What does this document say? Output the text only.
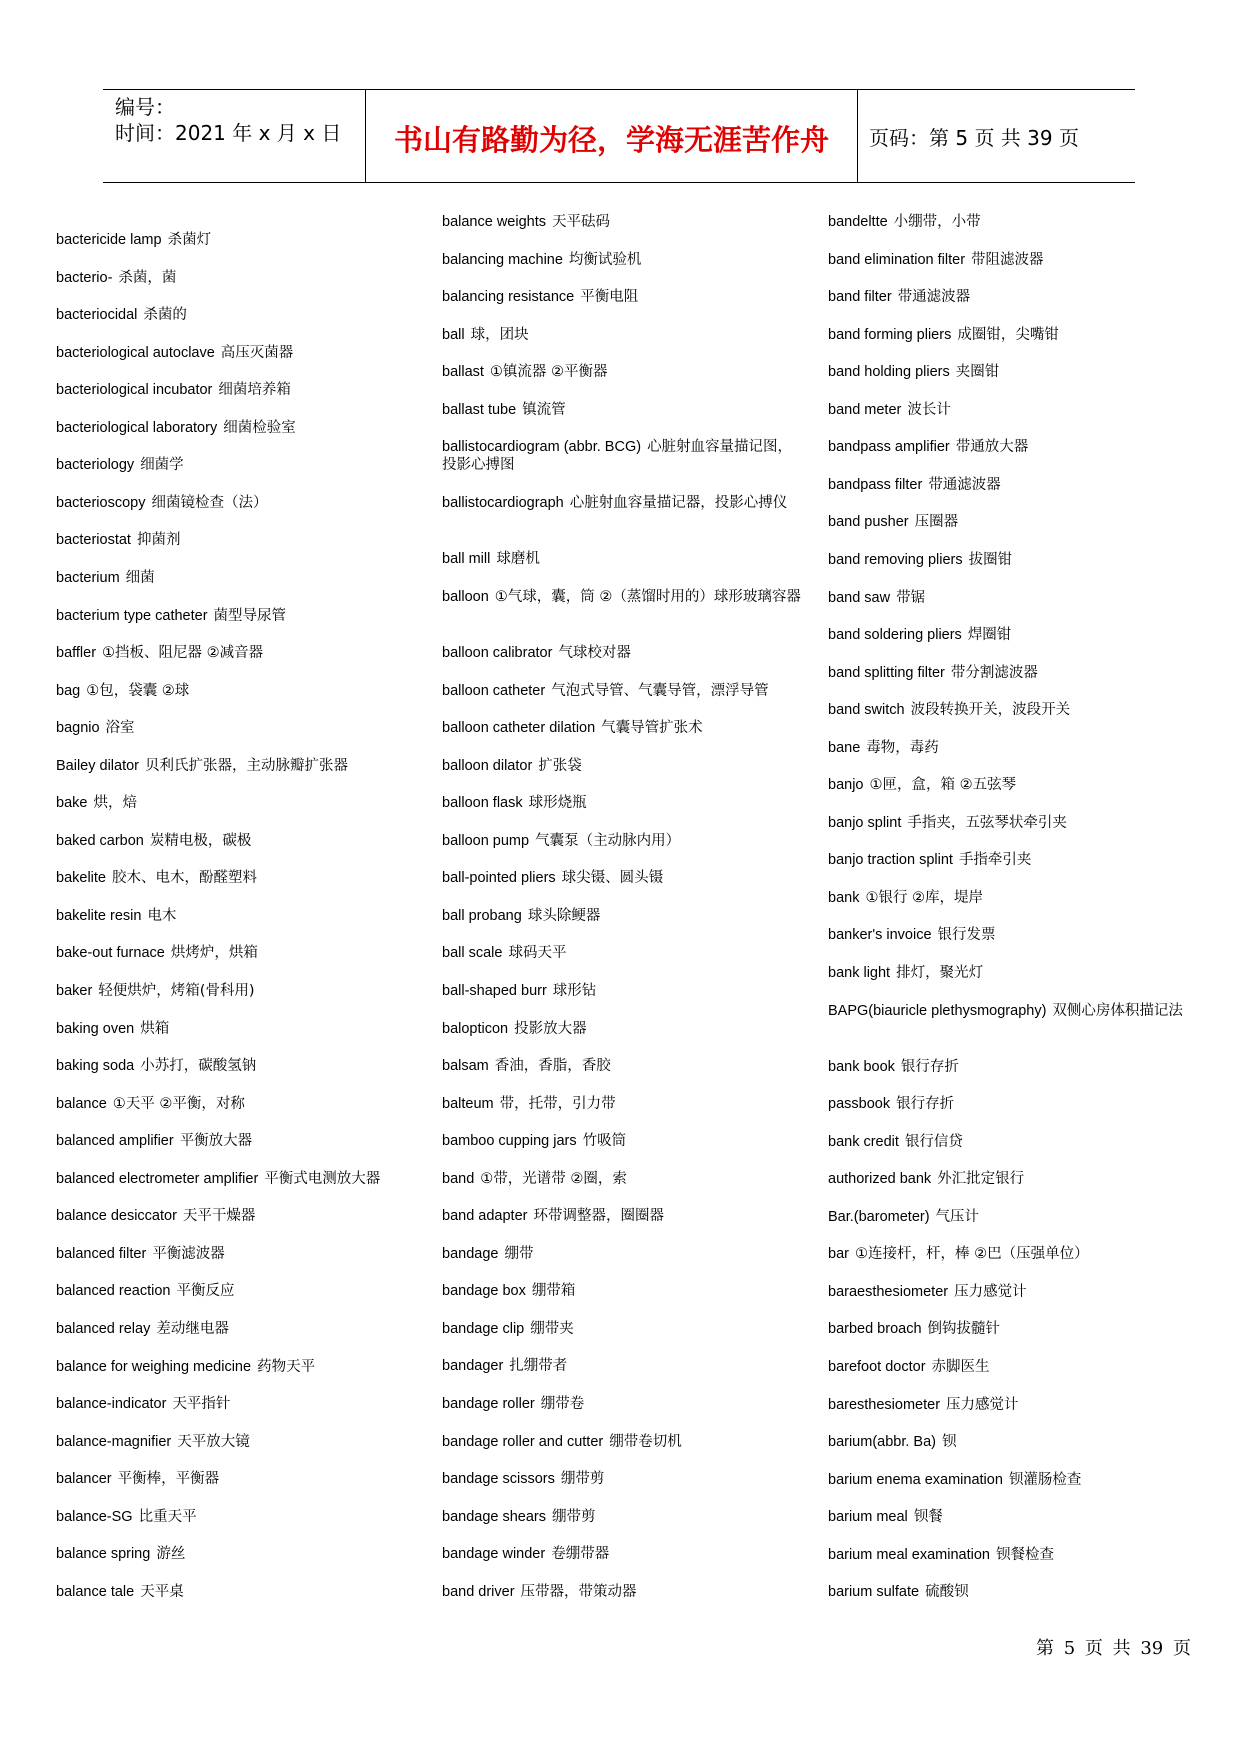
编号：
时间：2021 年 x 月 x 日	书山有路勤为径，学海无涯苦作舟	页码：第 5 页 共 39 页
bactericide lamp 杀菌灯
bacterio- 杀菌，菌
bacteriocidal 杀菌的
bacteriological autoclave 高压灭菌器
bacteriological incubator 细菌培养箱
bacteriological laboratory 细菌检验室
bacteriology 细菌学
bacterioscopy 细菌镜检查（法）
bacteriostat 抑菌剂
bacterium 细菌
bacterium type catheter 菌型导尿管
baffler ①挡板、阻尼器 ②减音器
bag ①包，袋囊 ②球
bagnio 浴室
Bailey dilator 贝利氏扩张器，主动脉瓣扩张器
bake 烘，焙
baked carbon 炭精电极，碳极
bakelite 胶木、电木，酚醛塑料
bakelite resin 电木
bake-out furnace 烘烤炉，烘箱
baker 轻便烘炉，烤箱(骨科用)
baking oven 烘箱
baking soda 小苏打，碳酸氢钠
balance ①天平 ②平衡，对称
balanced amplifier 平衡放大器
balanced electrometer amplifier 平衡式电测放大器
balance desiccator 天平干燥器
balanced filter 平衡滤波器
balanced reaction 平衡反应
balanced relay 差动继电器
balance for weighing medicine 药物天平
balance-indicator 天平指针
balance-magnifier 天平放大镜
balancer 平衡棒，平衡器
balance-SG 比重天平
balance spring 游丝
balance tale 天平桌
balance weights 天平砝码
balancing machine 均衡试验机
balancing resistance 平衡电阻
ball 球，团块
ballast ①镇流器 ②平衡器
ballast tube 镇流管
ballistocardiogram (abbr. BCG) 心脏射血容量描记图，投影心搏图
ballistocardiograph 心脏射血容量描记器，投影心搏仪
ball mill 球磨机
balloon ①气球，囊，筒 ②（蒸馏时用的）球形玻璃容器
balloon calibrator 气球校对器
balloon catheter 气泡式导管、气囊导管，漂浮导管
balloon catheter dilation 气囊导管扩张术
balloon dilator 扩张袋
balloon flask 球形烧瓶
balloon pump 气囊泵（主动脉内用）
ball-pointed pliers 球尖镊、圆头镊
ball probang 球头除鲠器
ball scale 球码天平
ball-shaped burr 球形钻
balopticon 投影放大器
balsam 香油，香脂，香胶
balteum 带，托带，引力带
bamboo cupping jars 竹吸筒
band ①带，光谱带 ②圈，索
band adapter 环带调整器，圈圈器
bandage 绷带
bandage box 绷带箱
bandage clip 绷带夹
bandager 扎绷带者
bandage roller 绷带卷
bandage roller and cutter 绷带卷切机
bandage scissors 绷带剪
bandage shears 绷带剪
bandage winder 卷绷带器
band driver 压带器，带策动器
bandeltte 小绷带，小带
band elimination filter 带阻滤波器
band filter 带通滤波器
band forming pliers 成圈钳，尖嘴钳
band holding pliers 夹圈钳
band meter 波长计
bandpass amplifier 带通放大器
bandpass filter 带通滤波器
band pusher 压圈器
band removing pliers 拔圈钳
band saw 带锯
band soldering pliers 焊圈钳
band splitting filter 带分割滤波器
band switch 波段转换开关，波段开关
bane 毒物，毒药
banjo ①匣，盒，箱 ②五弦琴
banjo splint 手指夹，五弦琴状牵引夹
banjo traction splint 手指牵引夹
bank ①银行 ②库，堤岸
banker's invoice 银行发票
bank light 排灯，聚光灯
BAPG(biauricle plethysmography) 双侧心房体积描记法
bank book 银行存折
passbook 银行存折
bank credit 银行信贷
authorized bank 外汇批定银行
Bar.(barometer) 气压计
bar ①连接杆，杆，棒 ②巴（压强单位）
baraesthesiometer 压力感觉计
barbed broach 倒钩拔髓针
barefoot doctor 赤脚医生
baresthesiometer 压力感觉计
barium(abbr. Ba) 钡
barium enema examination 钡灌肠检查
barium meal 钡餐
barium meal examination 钡餐检查
barium sulfate 硫酸钡
第 5 页 共 39 页
